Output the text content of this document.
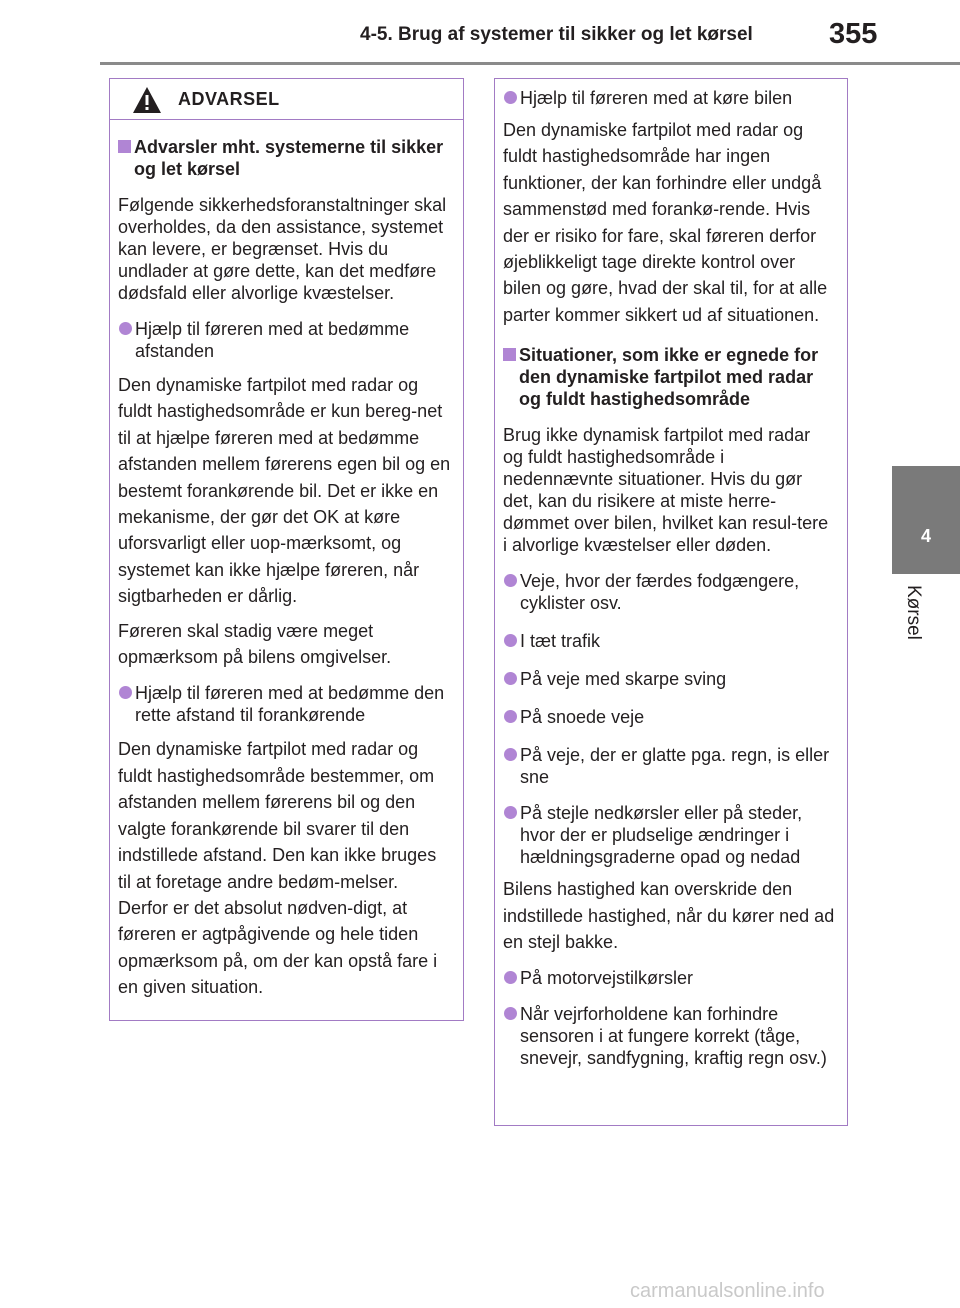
4-5. Brug af systemer til sikker og let kørsel	355
4
Kørsel
ADVARSEL
Advarsler mht. systemerne til sikker og let kørsel
Følgende sikkerhedsforanstaltninger skal overholdes, da den assistance, systemet kan levere, er begrænset. Hvis du undlader at gøre dette, kan det medføre dødsfald eller alvorlige kvæstelser.
Hjælp til føreren med at bedømme afstanden
Den dynamiske fartpilot med radar og fuldt hastighedsområde er kun bereg-net til at hjælpe føreren med at bedømme afstanden mellem førerens egen bil og en bestemt forankørende bil. Det er ikke en mekanisme, der gør det OK at køre uforsvarligt eller uop-mærksomt, og systemet kan ikke hjælpe føreren, når sigtbarheden er dårlig.
Føreren skal stadig være meget opmærksom på bilens omgivelser.
Hjælp til føreren med at bedømme den rette afstand til forankørende
Den dynamiske fartpilot med radar og fuldt hastighedsområde bestemmer, om afstanden mellem førerens bil og den valgte forankørende bil svarer til den indstillede afstand. Den kan ikke bruges til at foretage andre bedøm-melser. Derfor er det absolut nødven-digt, at føreren er agtpågivende og hele tiden opmærksom på, om der kan opstå fare i en given situation.
Hjælp til føreren med at køre bilen
Den dynamiske fartpilot med radar og fuldt hastighedsområde har ingen funktioner, der kan forhindre eller undgå sammenstød med forankø-rende. Hvis der er risiko for fare, skal føreren derfor øjeblikkeligt tage direkte kontrol over bilen og gøre, hvad der skal til, for at alle parter kommer sikkert ud af situationen.
Situationer, som ikke er egnede for den dynamiske fartpilot med radar og fuldt hastighedsområde
Brug ikke dynamisk fartpilot med radar og fuldt hastighedsområde i nedennævnte situationer. Hvis du gør det, kan du risikere at miste herre-dømmet over bilen, hvilket kan resul-tere i alvorlige kvæstelser eller døden.
Veje, hvor der færdes fodgængere, cyklister osv.
I tæt trafik
På veje med skarpe sving
På snoede veje
På veje, der er glatte pga. regn, is eller sne
På stejle nedkørsler eller på steder, hvor der er pludselige ændringer i hældningsgraderne opad og nedad
Bilens hastighed kan overskride den indstillede hastighed, når du kører ned ad en stejl bakke.
På motorvejstilkørsler
Når vejrforholdene kan forhindre sensoren i at fungere korrekt (tåge, snevejr, sandfygning, kraftig regn osv.)
carmanualsonline.info
